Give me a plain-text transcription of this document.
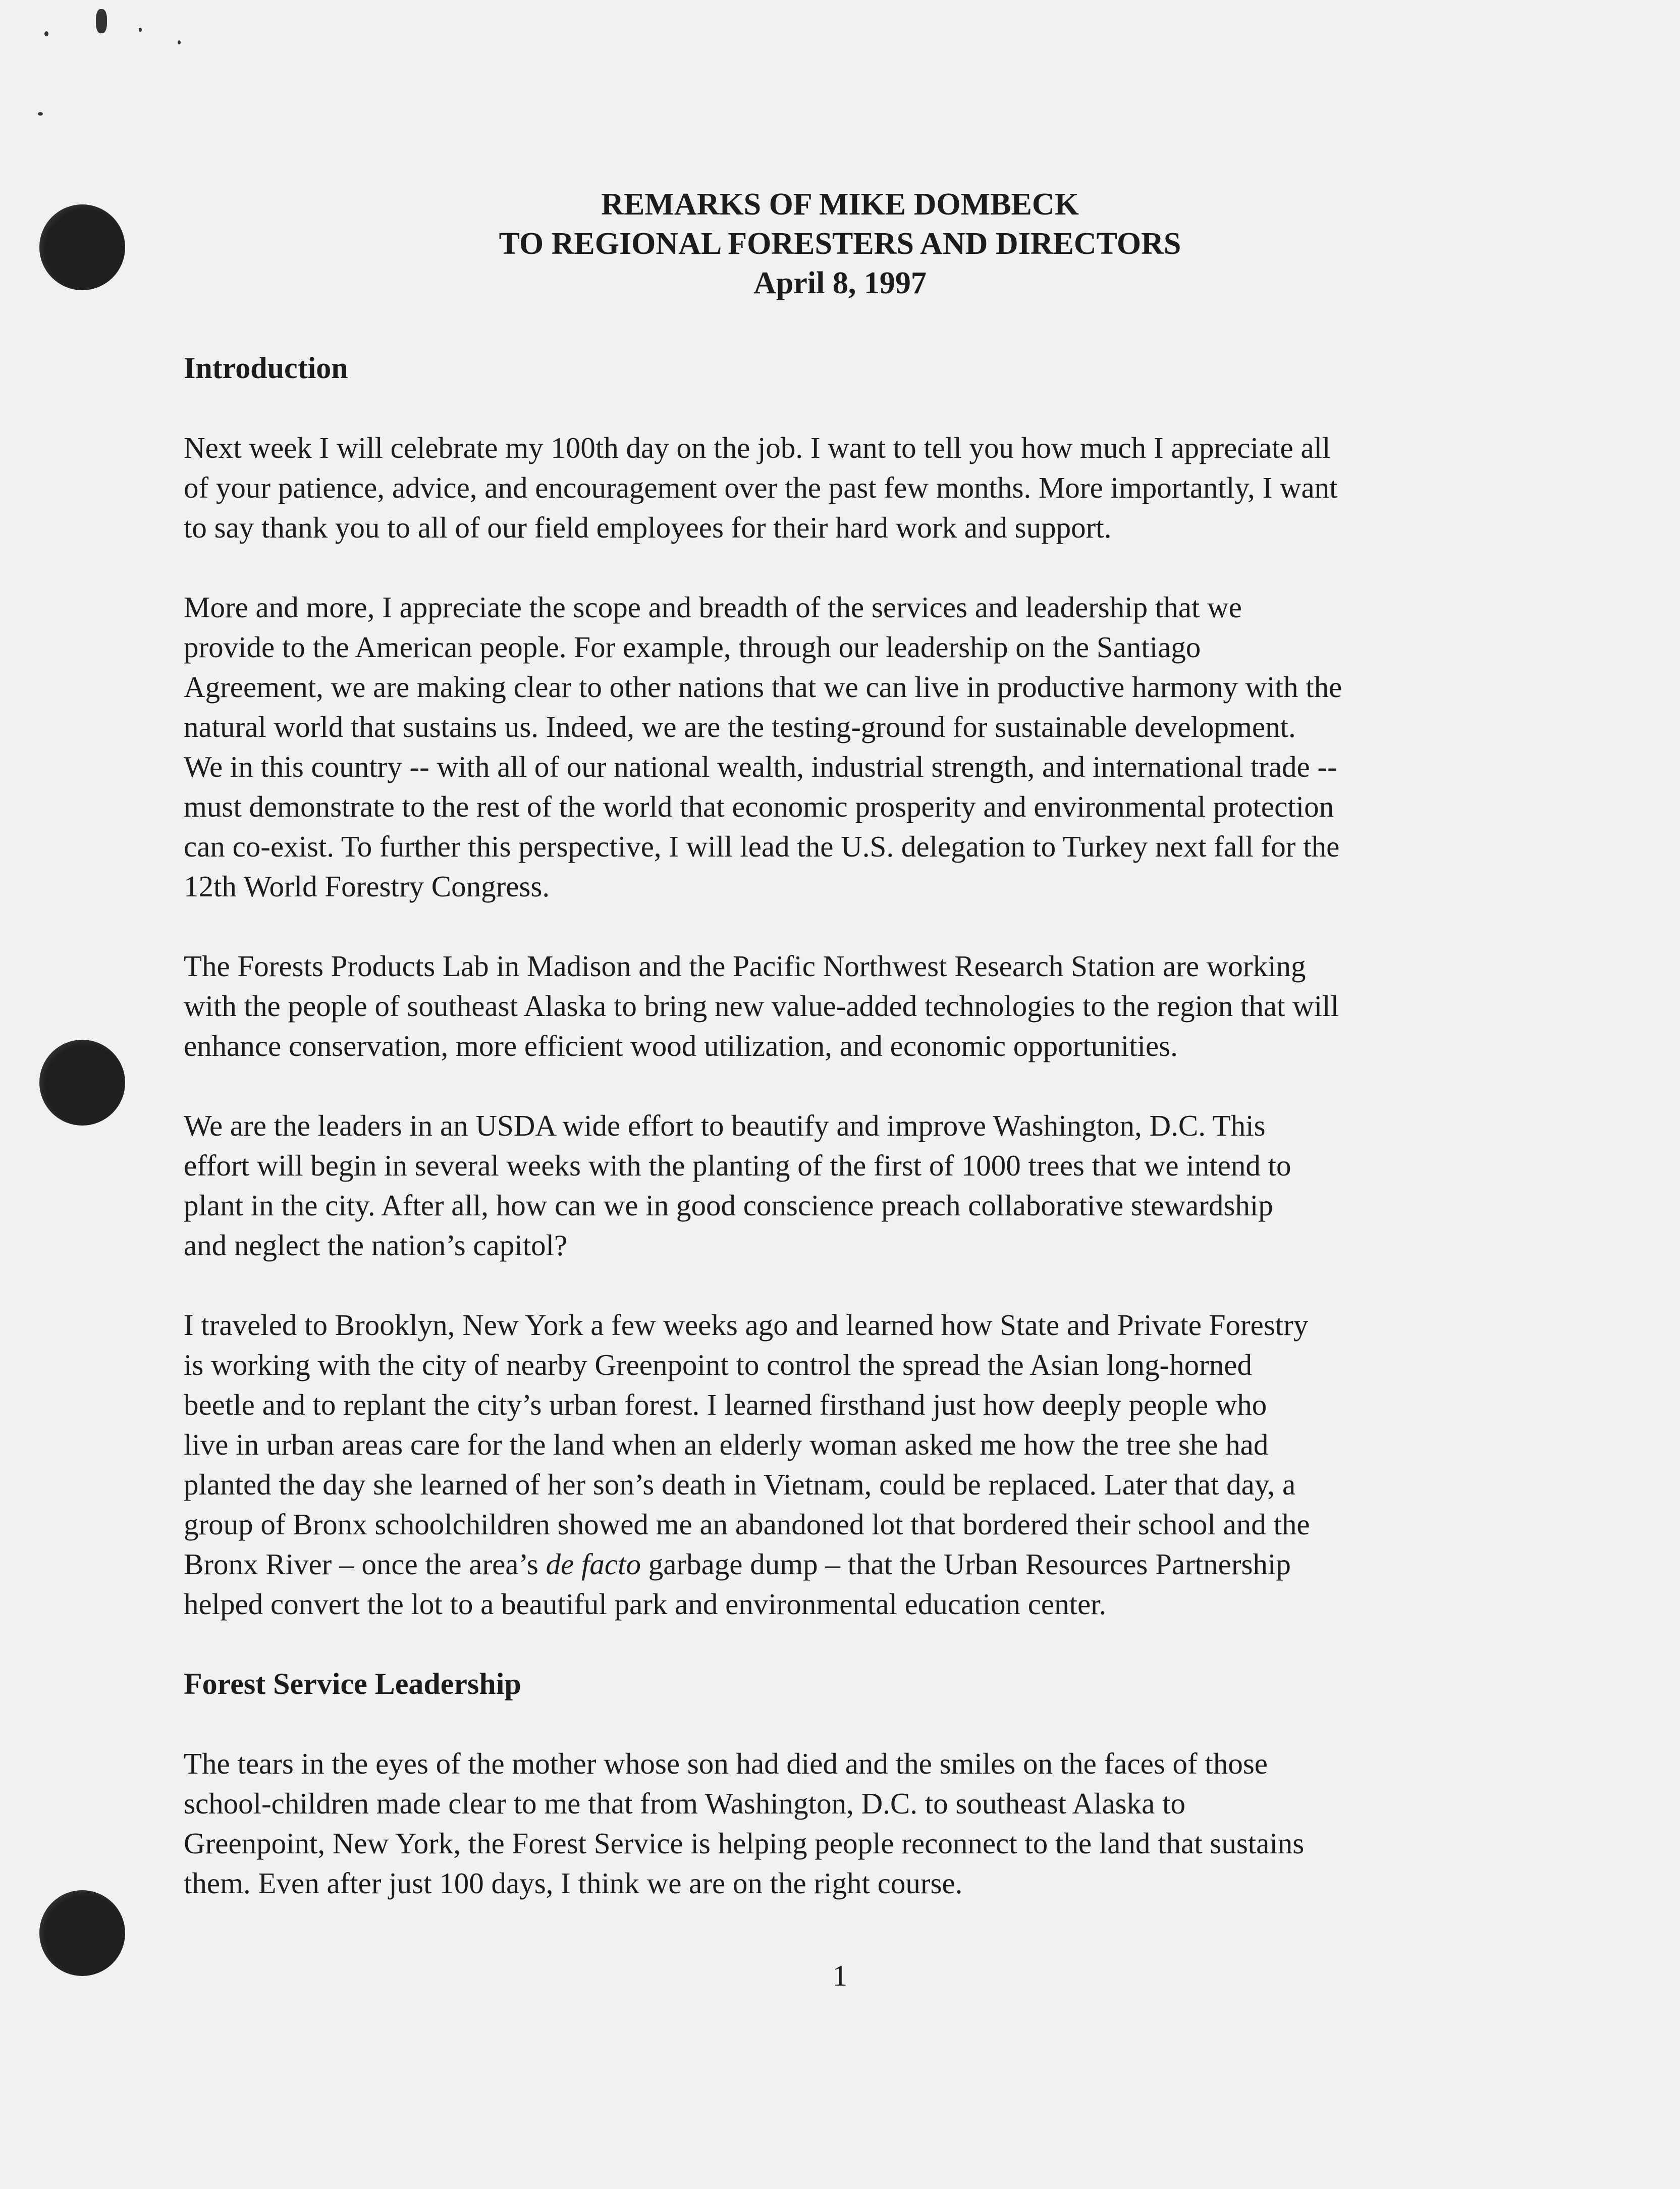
REMARKS OF MIKE DOMBECK
TO REGIONAL FORESTERS AND DIRECTORS
April 8, 1997
Introduction
Next week I will celebrate my 100th day on the job. I want to tell you how much I appreciate all
of your patience, advice, and encouragement over the past few months. More importantly, I want
to say thank you to all of our field employees for their hard work and support.
More and more, I appreciate the scope and breadth of the services and leadership that we
provide to the American people. For example, through our leadership on the Santiago
Agreement, we are making clear to other nations that we can live in productive harmony with the
natural world that sustains us. Indeed, we are the testing-ground for sustainable development.
We in this country -- with all of our national wealth, industrial strength, and international trade --
must demonstrate to the rest of the world that economic prosperity and environmental protection
can co-exist. To further this perspective, I will lead the U.S. delegation to Turkey next fall for the
12th World Forestry Congress.
The Forests Products Lab in Madison and the Pacific Northwest Research Station are working
with the people of southeast Alaska to bring new value-added technologies to the region that will
enhance conservation, more efficient wood utilization, and economic opportunities.
We are the leaders in an USDA wide effort to beautify and improve Washington, D.C. This
effort will begin in several weeks with the planting of the first of 1000 trees that we intend to
plant in the city. After all, how can we in good conscience preach collaborative stewardship
and neglect the nation’s capitol?
I traveled to Brooklyn, New York a few weeks ago and learned how State and Private Forestry
is working with the city of nearby Greenpoint to control the spread the Asian long-horned
beetle and to replant the city’s urban forest. I learned firsthand just how deeply people who
live in urban areas care for the land when an elderly woman asked me how the tree she had
planted the day she learned of her son’s death in Vietnam, could be replaced. Later that day, a
group of Bronx schoolchildren showed me an abandoned lot that bordered their school and the
Bronx River – once the area’s de facto garbage dump – that the Urban Resources Partnership
helped convert the lot to a beautiful park and environmental education center.
Forest Service Leadership
The tears in the eyes of the mother whose son had died and the smiles on the faces of those
school-children made clear to me that from Washington, D.C. to southeast Alaska to
Greenpoint, New York, the Forest Service is helping people reconnect to the land that sustains
them. Even after just 100 days, I think we are on the right course.
1
